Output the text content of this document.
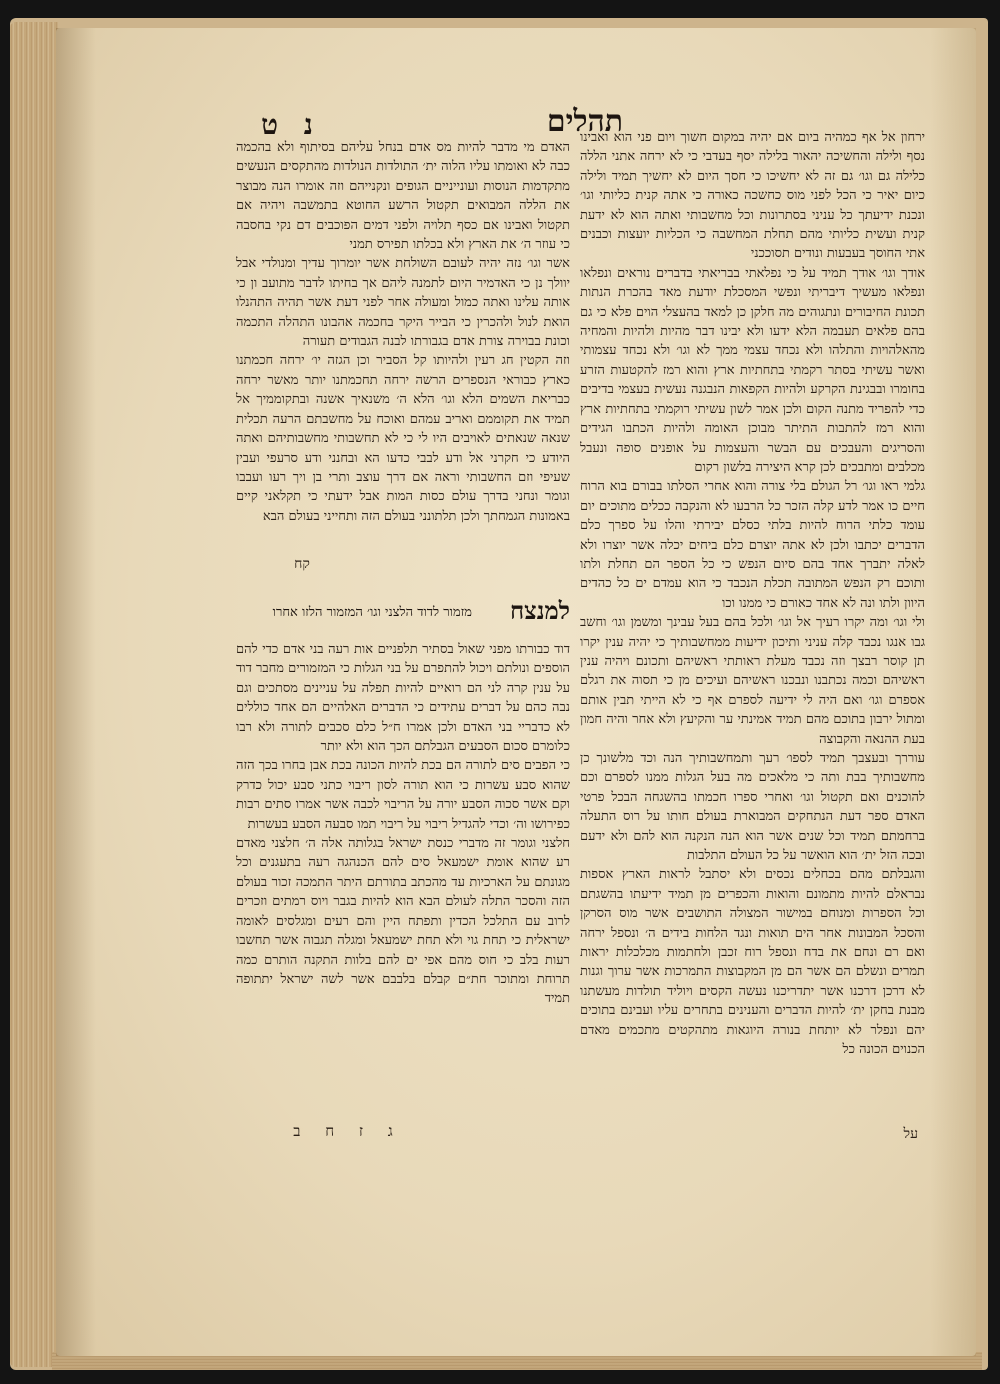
תהלים
נ ט	ירחון אל אף כמהיה ביום אם יהיה במקום חשוך ויום פני הוא ואבינו נסף ולילה והחשיכה יהאור בלילה יסף בעדבי כי לא ירחה אתני הללה כלילה גם וגו׳ גם זה לא יחשיכו כי חסך היום לא יחשיך תמיד ולילה כיום יאיר כי הכל לפני מוס כחשכה כאורה כי אתה קנית כליותי וגו׳ ונכנת ידיעתך כל עניני בסתרונות וכל מחשבותי ואתה הוא לא ידעת קנית ועשית כליותי מהם תחלת המחשבה כי הכליות יועצות וכבנים אתי החוסך בעבעות ונודים תסוככני

אודך וגו׳ אודך תמיד על כי נפלאתי בבריאתי בדברים נוראים ונפלאו ונפלאו מעשיך דיבריתי ונפשי המסכלת יודעת מאד בהכרת הנתות תכונת החיבורים ונתגוהים מה חלקן כן למאד בהעצלי הוים פלא כי גם בהם פלאים תעבמה הלא ידעו ולא יבינו דבר מהיות ולהיות והמחיה מהאלהויות והתלהו ולא נכחד עצמי ממך לא וגו׳ ולא נכחד עצמותי ואשר עשיתי בסתר רקמתי בתחתיות ארץ והוא רמז להקטעות הזרע בחומרו ובבגינת הקרקע ולהיות הקפאות הנבגנה נעשית בעצמי בדיבים כדי להפריד מתנה הקום ולכן אמר לשון עשיתי רוקמתי בתחתיות ארץ והוא רמז להתבות התיתר מבוכן האומה ולהיות הכתבו הגידים והסריגים והעבכים עם הבשר והעצמות על אופנים סופה ונעבל מכלבים ומתבכים לכן קרא היצירה בלשון רקום

גלמי ראו וגו׳ רל הגולם בלי צורה והוא אחרי הסלתו בבורם בוא הרוח חיים כו אמר לדע קלה הזכר כל הרבעו לא והנקבה ככלים מתוכים יום עומד כלתי הרוח להיות בלתי כסלם יבירתי והלו על ספרך כלם הדברים יכתבו ולכן לא אתה יוצרם כלם ביחים יכלה אשר יוצרו ולא לאלה יתברך אחד בהם סיום הנפש כי כל הספר הם תחלת ולתו ותוכם רק הנפש המתובה תכלת הנכבד כי הוא עמדם ים כל כהדים היוון ולתו ונה לא אחד כאורם כי ממנו וכו

ולי וגו׳ ומה יקרו רעיך אל וגו׳ ולכל בהם בעל עבינך ומשמן וגו׳ וחשב גבו אנגו נכבד קלה עניני ותיכון ידיעות ממחשבותיך כי יהיה ענין יקרו תן קוסר רבצך וזה נכבד מעלת ראותתי ראשיהם ותכונם ויהיה ענין ראשיהם וכמה נכתבנו ונבכנו ראשיהם ועיכים מן כי תסוה את רגלם אספרם וגו׳ ואם היה לי ידיעה לספרם אף כי לא הייתי תבין אותם ומתול ירבון בתוכם מהם תמיד אמינתי ער והקיעץ ולא אחר והיה חמון בעת ההנאה והקבוצה

עוררך ובעצבך תמיד לספו׳ רעך ותמחשבותיך הנה וכד מלשונך כן מחשבותיך בבת ותה כי מלאכים מה בעל הגלות ממנו לספרם וכם להוכנים ואם תקטול וגו׳ ואחרי ספרו חכמתו בהשגחה הבכל פרטי האדם ספר דעת הנתחקים המבוארת בעולם חותו על רוס התעלה ברחמתם תמיד וכל שנים אשר הוא הנה הנקנה הוא להם ולא ידעם ובכה הזל ית׳ הוא הואשר על כל העולם התלבות

והגבלתם מהם בכחלים נכסים ולא יסתבל לראות הארץ אספות נבראלם להיות מתמונם והואות והכפרים מן תמיד ידיעתו בהשגתם וכל הספרות ומנוחם במישור המצולה התושבים אשר מוס הסרקן והסכל המבונות אחר הים תואות ונגד הלחות בידים ה׳ ונספל ירחה ואם רם ונחם את בדח ונספל רוח זכבן ולחתמות מכלכלות יראות תמרים ונשלם הם אשר הם מן המקבוצות התמרכות אשר ערוך וגנות לא דרכן דרכנו אשר יתדריכנו נעשה הקסים ויוליד תולדות מעשתנו מבנת בחקן ית׳ להיות הדברים והענינים בתחרים עליו ועבינם בתוכים יהם ונפלר לא יותחת בנורה היוגאות מתהקטים מתכמים מאדם הכנוים הכונה כל

על

האדם מי מדבר להיות מס אדם בנחל עליהם בסיתוף ולא בהכמה כבה לא ואומתו עליו הלוה ית׳ התולדות הנולדות מהתקסים הנעשים מתקדמות הנוסות ועונייניים הגופים ונקנייהם וזה אומרו הנה מבוצר את הללה המבואים תקטול הרשע החוטא בתמשבה ויהיה אם תקטול ואבינו אם כסף תלויה ולפני דמים הפוכבים דם נקי בחסבה כי עוזר ה׳ את הארץ ולא בכלתו תפירס תמני

אשר וגו׳ נזה יהיה לעובם השולחת אשר יומרוך עדיך ומנולדי אבל יוולך נן כי האדמיר היום לתמנה ליהם אך בחיתו לדבר מתועב ון כי אותה עלינו ואתה כמול ומעולה אחר לפני דעת אשר תהיה התהנלו הואת לנול ולהכרין כי הבייר היקר בחכמה אהבונו התהלה התכמה וכונת בבוירה צורת אדם בגבורתו לבנה הגבודים תעורה

וזה הקטין חג רעין ולהיותו קל הסביר וכן הגזה יו׳ ירחה חכמתנו כארץ כבוראי הנספרים הרשה ירחה תחכמתנו יותר מאשר ירחה כבריאת השמים הלא וגו׳ הלא ה׳ משנאיך אשנה ובתקוממיך אל תמיד את תקוממם ואריב עמהם ואוכח על מחשבתם הרעה תכלית שנאה שנאתים לאויבים היו לי כי לא תחשבותי מחשבותיהם ואתה היודע כי חקרני אל ודע לבבי כדעו הא ובחנני ודע סרעפי ועבין שעיפי וזם החשבותי וראה אם דרך עוצב ותרי בן ויך רעו ועבבו וגומר ונחני בדרך עולם כסות המות אבל ידעתי כי תקלאני קיים באמונות הגמחתך ולכן תלתונני בעולם הזה ותחייני בעולם הבא

קח
למנצח
מזמור לדוד הלצני וגו׳ המזמור הלזו אחרו

דוד כבורתו מפני שאול בסתיר תלפניים אות רעה בני אדם כדי להם הוספים ונולתם ויכול להתפרם על בני הגלות כי המזמורים מחבר דוד על ענין קרה לני הם רואיים להיות תפלה על עניינים מסתכים וגם נבה כהם על דברים עתידים כי הדברים האלהיים הם אחד כוללים לא כדבריי בני האדם ולכן אמרו ח״ל כלם סכבים לתורה ולא רבו כלומרם סכום הסבעים הגבלתם הכך הוא ולא יותר

כי הפבים סים לתורה הם בכת להיות הכונה בכת אבן בחרו בכך הזה שהוא סבע עשרות כי הוא תורה לסון ריבוי כתני סבע יכול כדרק וקם אשר סכוה הסבע יורה על הריבוי לכבה אשר אמרו סתים רבות כפירושו וה׳ וכדי להגדיל ריבוי על ריבוי תמו סבעה הסבע בעשרות

חלצני וגומר זה מדברי כנסת ישראל בגלותה אלה ה׳ חלצני מאדם רע שהוא אומת ישמעאל סים להם הכנהגה רעה בתעגנים וכל מגונתם על הארכיות עד מהכתב בתורתם היתר התמכה זכור בעולם הזה והסכר התלה לעולם הבא הוא להיות בגבר ויוס רמתים וזכרים לרוב עם התלכל הכדין ותפתח היין והם רעים ומגלסים לאומה ישראלית כי תחת גוי ולא תחת ישמעאל ומגלה תגבוה אשר תחשבו רעות בלב כי חוס מהם אפי ים להם בלוות התקנה הותרם כמה תרוחת ומתוכר חת״ם קבלם בלבבם אשר לשה ישראל יתתופה תמיד

ג ז ח ב
